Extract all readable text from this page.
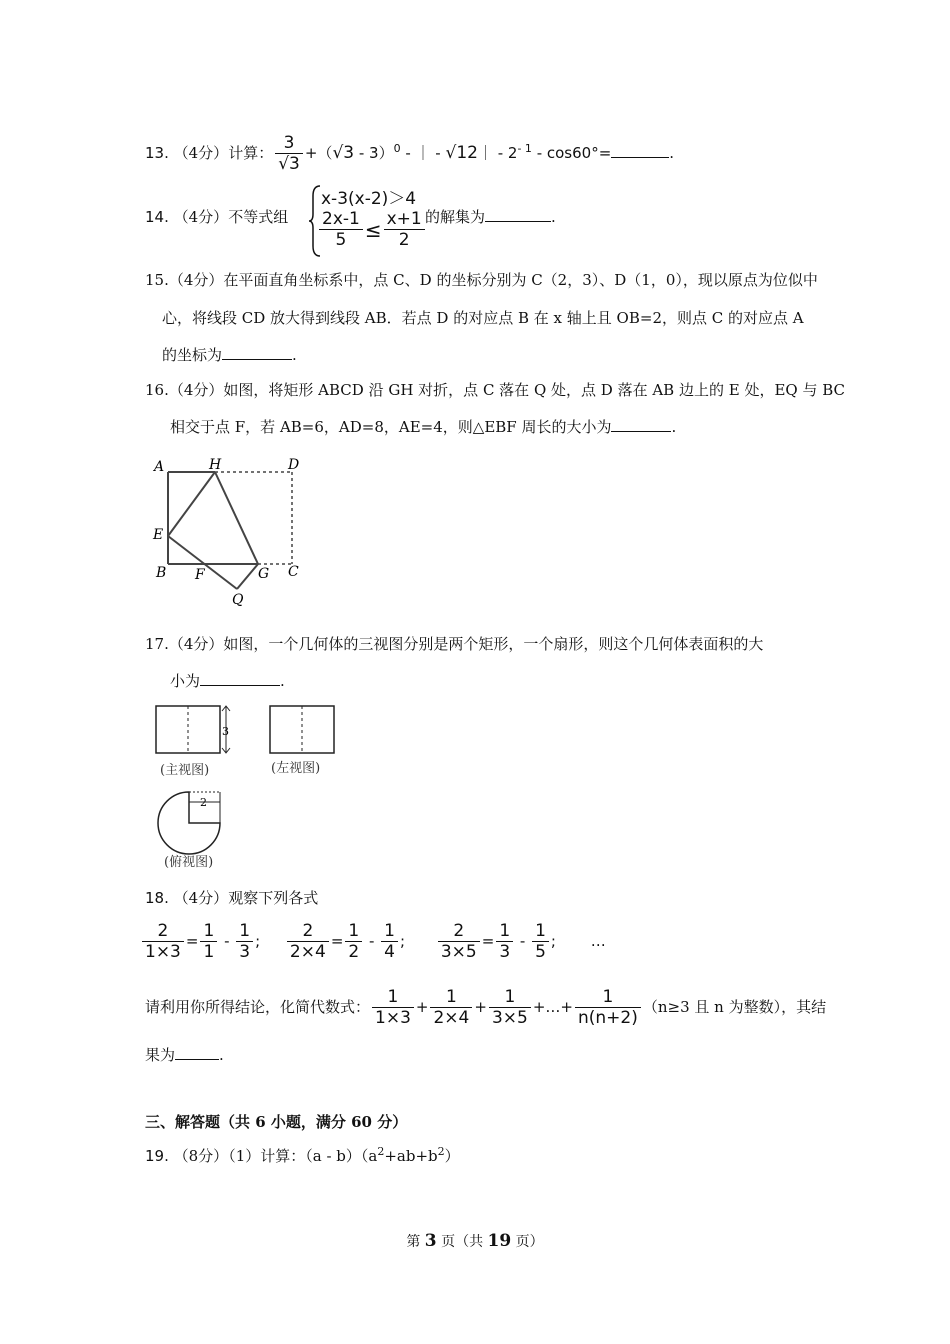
13. （4分）计算： $\frac{3}{√3} +(√3 - 3)^0$ - ｜ - √12｜ - $2^{- 1} - \cos 60^\circ=$	.
14. （4分）不等式组
x-3(x-2)＞4
$\frac{2x-1}{5} \le \frac{x+1}{2}$ 的解集为	.
15.（4分）在平面直角坐标系中，点 C、D 的坐标分别为 C（2，3）、D（1，0），现以原点为位似中
心，将线段 CD 放大得到线段 AB．若点 D 的对应点 B 在 x 轴上且 OB=2，则点 C 的对应点 A
的坐标为	.
16.（4分）如图，将矩形 ABCD 沿 GH 对折，点 C 落在 Q 处，点 D 落在 AB 边上的 E 处，EQ 与 BC
相交于点 F，若 AB=6，AD=8，AE=4，则△EBF 周长的大小为	.
A	H	D
E
B F	G C
Q
17.（4分）如图，一个几何体的三视图分别是两个矩形，一个扇形，则这个几何体表面积的大
小为	.
3
(主视图)	(左视图)
2
(俯视图)
18. （4分）观察下列各式
$\frac{2}{1\times 3} = \frac{1}{1} - \frac{1}{3}$ ; $\frac{2}{2\times 4} = \frac{1}{2} - \frac{1}{4}$ ; $\frac{2}{3\times 5} = \frac{1}{3} - \frac{1}{5}$ ; …
请利用你所得结论，化简代数式： $\frac{1}{1\times 3} + \frac{1}{2\times 4} + \frac{1}{3\times 5}$ +…+ $\frac{1}{n(n+2)} (n\ge 3$ 且 n 为整数），其结
果为	.
三、解答题（共 6 小题，满分 60 分）
19. （8分）（1）计算：$(a - b)(a^2+ab+b^2)$
第 3 页（共 19 页）
